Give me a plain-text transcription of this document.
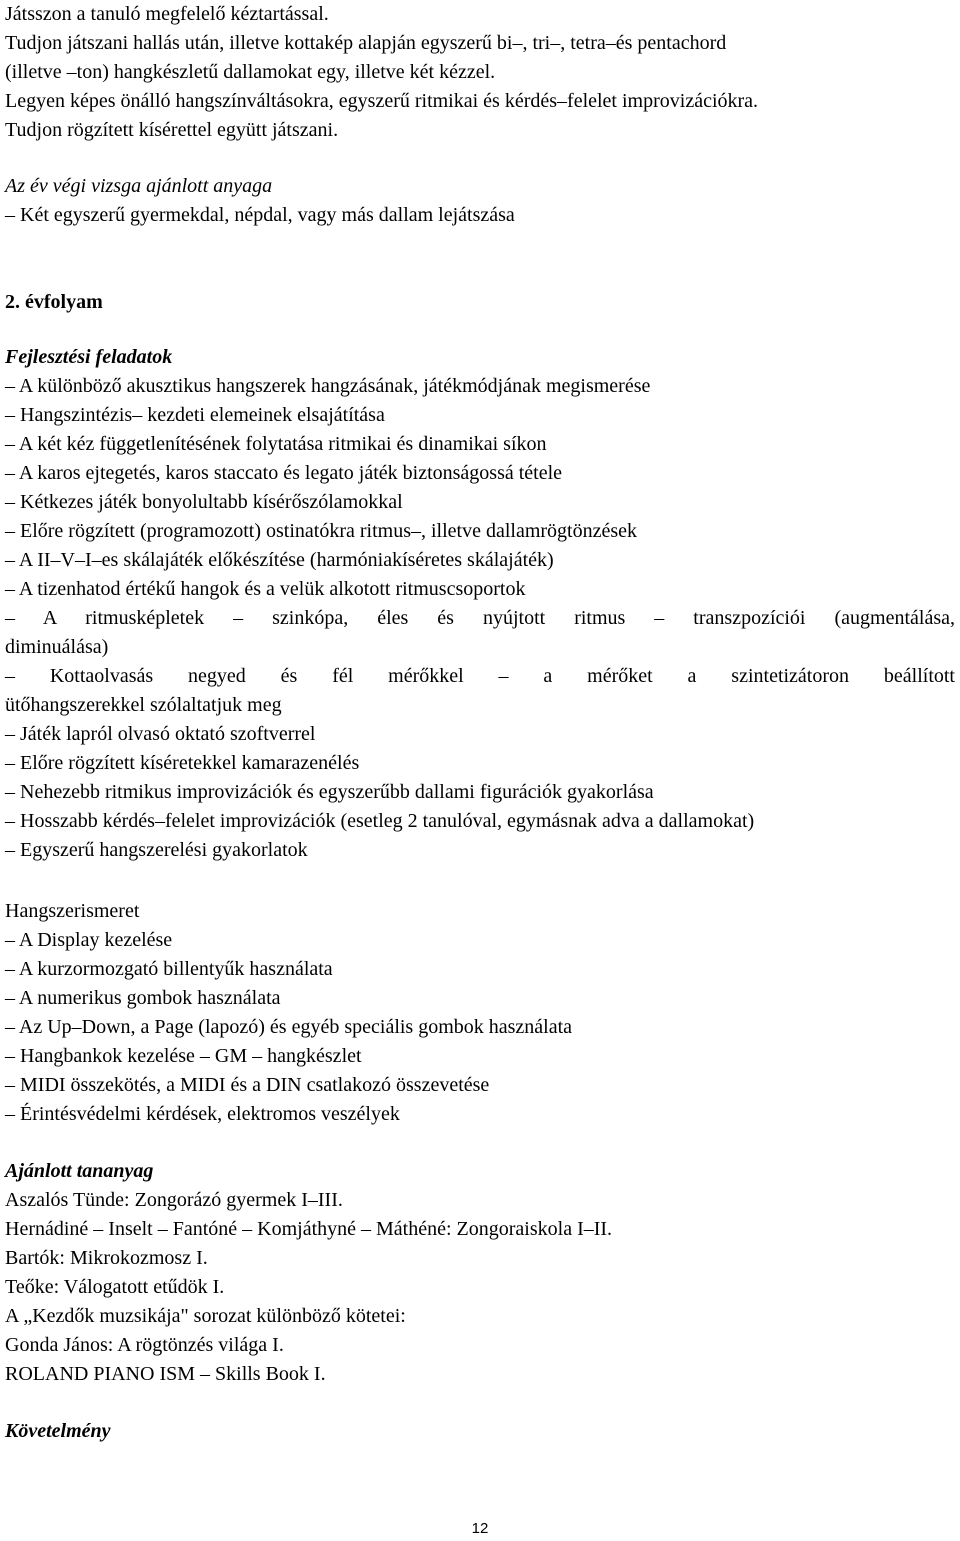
Játsszon a tanuló megfelelő kéztartással.
Tudjon játszani hallás után, illetve kottakép alapján egyszerű bi–, tri–, tetra–és pentachord
(illetve –ton) hangkészletű dallamokat egy, illetve két kézzel.
Legyen képes önálló hangszínváltásokra, egyszerű ritmikai és kérdés–felelet improvizációkra.
Tudjon rögzített kísérettel együtt játszani.
Az év végi vizsga ajánlott anyaga
– Két egyszerű gyermekdal, népdal, vagy más dallam lejátszása
2. évfolyam
Fejlesztési feladatok
– A különböző akusztikus hangszerek hangzásának, játékmódjának megismerése
– Hangszintézis– kezdeti elemeinek elsajátítása
– A két kéz függetlenítésének folytatása ritmikai és dinamikai síkon
– A karos ejtegetés, karos staccato és legato játék biztonságossá tétele
– Kétkezes játék bonyolultabb kísérőszólamokkal
– Előre rögzített (programozott) ostinatókra ritmus–, illetve dallamrögtönzések
– A II–V–I–es skálajáték előkészítése (harmóniakíséretes skálajáték)
– A tizenhatod értékű hangok és a velük alkotott ritmuscsoportok
– A ritmusképletek – szinkópa, éles és nyújtott ritmus – transzpozíciói (augmentálása,
diminuálása)
– Kottaolvasás negyed és fél mérőkkel – a mérőket a szintetizátoron beállított
ütőhangszerekkel szólaltatjuk meg
– Játék lapról olvasó oktató szoftverrel
– Előre rögzített kíséretekkel kamarazenélés
– Nehezebb ritmikus improvizációk és egyszerűbb dallami figurációk gyakorlása
– Hosszabb kérdés–felelet improvizációk (esetleg 2 tanulóval, egymásnak adva a dallamokat)
– Egyszerű hangszerelési gyakorlatok
Hangszerismeret
– A Display kezelése
– A kurzormozgató billentyűk használata
– A numerikus gombok használata
– Az Up–Down, a Page (lapozó) és egyéb speciális gombok használata
– Hangbankok kezelése – GM – hangkészlet
– MIDI összekötés, a MIDI és a DIN csatlakozó összevetése
– Érintésvédelmi kérdések, elektromos veszélyek
Ajánlott tananyag
Aszalós Tünde: Zongorázó gyermek I–III.
Hernádiné – Inselt – Fantóné – Komjáthyné – Máthéné: Zongoraiskola I–II.
Bartók: Mikrokozmosz I.
Teőke: Válogatott etűdök I.
A „Kezdők muzsikája" sorozat különböző kötetei:
Gonda János: A rögtönzés világa I.
ROLAND PIANO ISM – Skills Book I.
Követelmény
12
